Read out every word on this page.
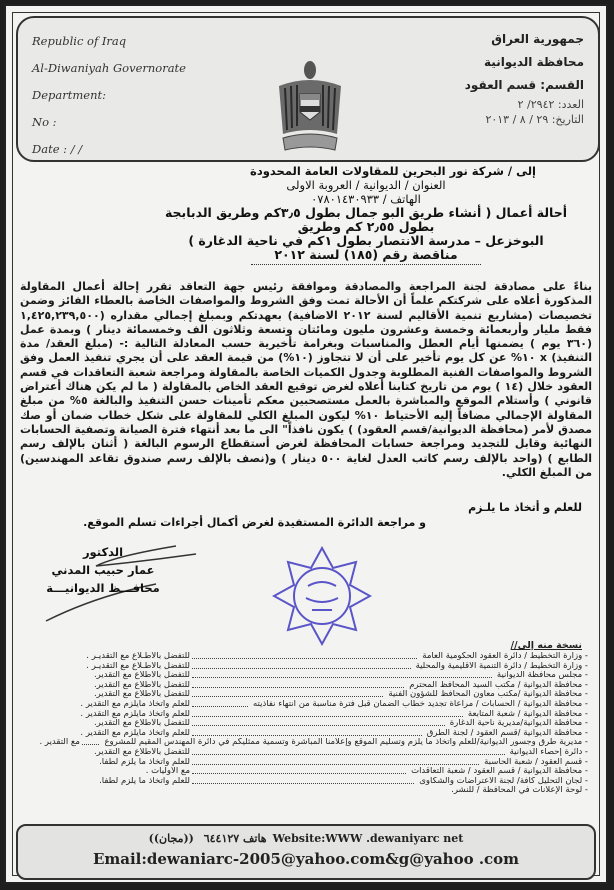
Republic of Iraq
Al-Diwaniyah Governorate
Department:
No :
Date : / /
جمهورية العراق
محافظة الديوانية
القسم: قسم العقود
العدد: ٢٩٤٢/ ٢
التاريخ: ٢٩ / ٨ / ٢٠١٣
إلى / شركة نور البحرين للمقاولات العامة المحدودة
العنوان / الديوانية / العروبة الاولى
الهاتف / ٠٧٨٠١٤٣٠٩٣٣
أحالة أعمال ( أنشاء طريق البو جمال بطول ٣٫٥كم وطريق الدبابجة بطول ٢٫٥٥ كم وطريق
البوخزعل – مدرسة الانتصار بطول ١كم في ناحية الدغارة )
مناقصة رقم (١٨٥) لسنة ٢٠١٢
بناءً على مصادقة لجنة المراجعة والمصادقة وموافقة رئيس جهة التعاقد تقرر إحالة أعمال المقاولة المذكورة أعلاه على شركتكم علماً أن الأحالة تمت وفق الشروط والمواصفات الخاصة بالعطاء الفائز وضمن تخصيصات (مشاريع تنمية الأقاليم لسنة ٢٠١٢ الاضافية) بعهدتكم وبمبلغ إجمالي مقداره (١,٤٢٥,٢٣٩,٥٠٠ فقط مليار وأربعمائة وخمسة وعشرون مليون ومائتان وتسعة وثلاثون الف وخمسمائة دينار ) وبمدة عمل (٣٦٠ يوم ) يضمنها أيام العطل والمناسبات وبغرامة تأخيرية حسب المعادلة التالية :- (مبلغ العقد/ مدة التنفيذ) x ١٠% عن كل يوم تأخير على أن لا تتجاوز (١٠%) من قيمة العقد على أن يجري تنفيذ العمل وفق الشروط والمواصفات الفنية المطلوبة وجدول الكميات الخاصة بالمقاولة ومراجعة شعبة التعاقدات في قسم العقود خلال (١٤ ) يوم من تاريخ كتابنا أعلاه لغرض توقيع العقد الخاص بالمقاولة ( ما لم يكن هناك أعتراض قانوني ) وأستلام الموقع والمباشرة بالعمل مستصحبين معكم تأمينات حسن التنفيذ والبالغة ٥% من مبلغ المقاولة الإجمالي مضافاً إليه الأحتياط ١٠% ليكون المبلغ الكلي للمقاولة على شكل خطاب ضمان أو صك مصدق لأمر (محافظة الديوانية/قسم العقود) ) يكون نافذاً" الى ما بعد أنتهاء فترة الصيانة وتصفية الحسابات النهائية وقابل للتجديد ومراجعة حسابات المحافظة لغرض أستقطاع الرسوم البالغة ( أثنان بالإلف رسم الطابع ) (واحد بالإلف رسم كاتب العدل لغاية ٥٠٠ دينار ) و(نصف بالإلف رسم صندوق تقاعد المهندسين) من المبلغ الكلي.
للعلم و أتخاذ ما يلـزم
و مراجعة الدائرة المستفيدة لغرض أكمال أجراءات تسلم الموقع.
الدكتور
عمار حبيب المدني
محافـــظ الديوانيـــة
نسخة منه إلى//
- وزارة التخطيط / دائرة العقود الحكومية العامة
للتفضل بالاطـلاع مع التقديـر .
- وزارة التخطيط / دائرة التنمية الاقليمية والمحلية
للتفضل بالاطـلاع مع التقديـر .
- مجلس محافظة الديوانية
للتفضل بالاطلاع مع التقدير.
- محافظة الديوانية / مكتب السيد المحافظ المحترم
للتفضل بالاطلاع مع التقدير.
- محافظة الديوانية /مكتب معاون المحافظ للشؤون الفنية
للتفضل بالاطلاع مع التقدير.
- محافظة الديوانية / الحسابات / مراعاة تجديد خطاب الضمان قبل فترة مناسبة من انتهاء نفاذيته
للعلم واتخاذ مايلزم مع التقدير .
- محافظة الديوانية / شعبة المتابعة
للعلم واتخاذ مايلزم مع التقدير .
- محافظة الديوانية/مديرية ناحية الدغارة
للتفضل بالاطلاع مع التقدير.
- محافظة الديوانية /قسم العقود / لجنة الطرق
للعلم واتخاذ مايلزم مع التقدير .
- مديرية طرق وجسور الديوانية/للعلم واتخاذ ما يلزم وتسليم الموقع وإعلامنا المباشرة وتسمية ممثليكم في دائرة المهندس المقيم للمشروع
مع التقدير .
- دائرة إحصاء الديوانية
للتفضل بالاطلاع مع التقدير.
- قسم العقود / شعبة الحاسبة
للعلم واتخاذ ما يلزم لطفاً.
- محافظة الديوانية / قسم العقود / شعبة التعاقدات
مع الأوليات .
- لجان التحليل كافة/ لجنة الاعتراضات والشكاوى
للعلم واتخاذ ما يلزم لطفاً.
- لوحة الإعلانات في المحافظة / للنشر.
هاتف ٦٤٤١٢٧ ((مجان))Website:WWW .dewaniyarc net
Email:dewaniarc-2005@yahoo.com&g@yahoo .com
